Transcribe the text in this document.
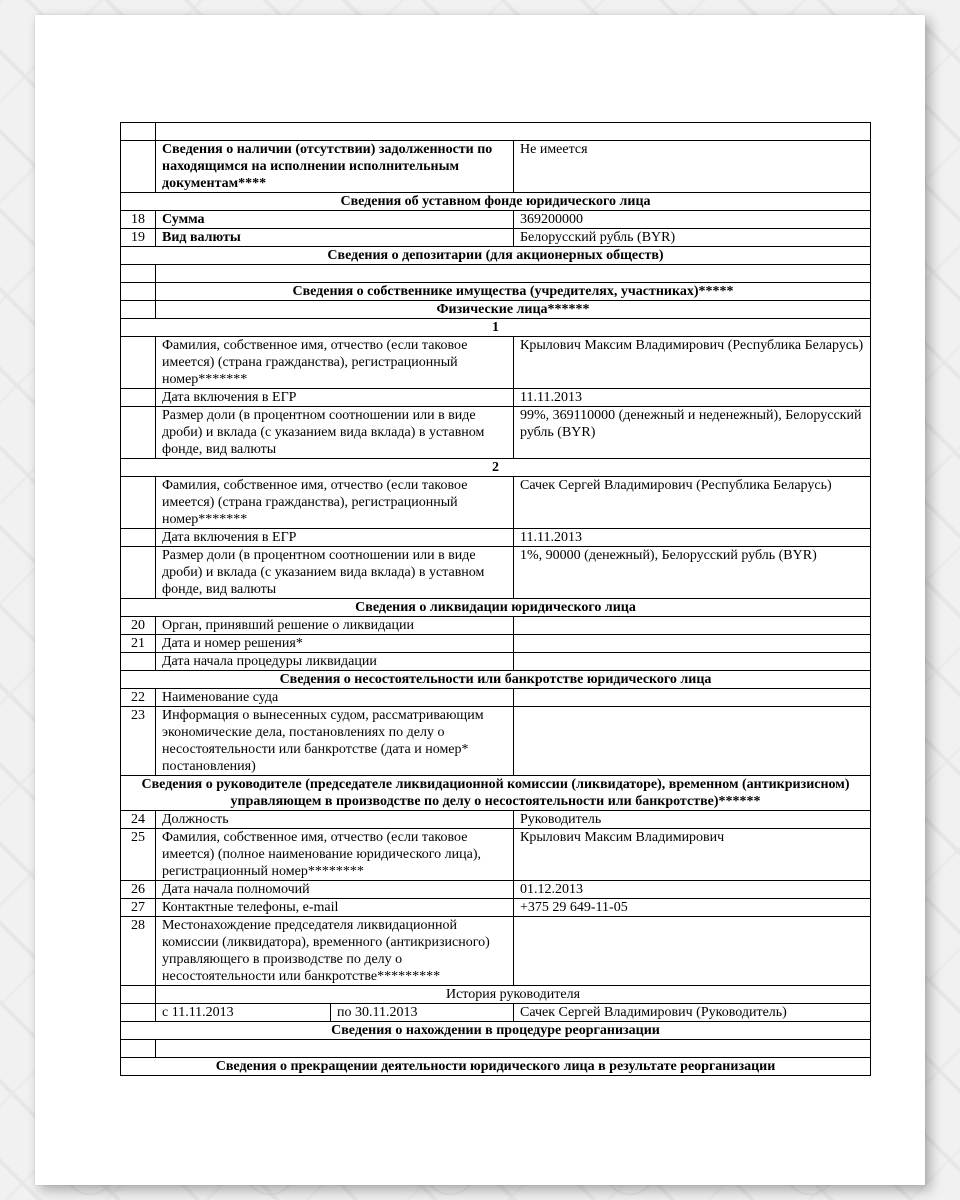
	Сведения о наличии (отсутствии) задолженности по находящимся на исполнении исполнительным документам****		Не имеется
Сведения об уставном фонде юридического лица			
18	Сумма		369200000
19	Вид валюты		Белорусский рубль (BYR)
Сведения о депозитарии (для акционерных обществ)			

	Сведения о собственнике имущества (учредителях, участниках)*****		
	Физические лица******		
1			
	Фамилия, собственное имя, отчество (если таковое имеется) (страна гражданства), регистрационный номер*******		Крылович Максим Владимирович (Республика Беларусь)
	Дата включения в ЕГР		11.11.2013
	Размер доли (в процентном соотношении или в виде дроби) и вклада (с указанием вида вклада) в уставном фонде, вид валюты		99%, 369110000 (денежный и неденежный), Белорусский рубль (BYR)
2			
	Фамилия, собственное имя, отчество (если таковое имеется) (страна гражданства), регистрационный номер*******		Сачек Сергей Владимирович (Республика Беларусь)
	Дата включения в ЕГР		11.11.2013
	Размер доли (в процентном соотношении или в виде дроби) и вклада (с указанием вида вклада) в уставном фонде, вид валюты		1%, 90000 (денежный), Белорусский рубль (BYR)
Сведения о ликвидации юридического лица			
20	Орган, принявший решение о ликвидации		
21	Дата и номер решения*		
	Дата начала процедуры ликвидации		
Сведения о несостоятельности или банкротстве юридического лица			
22	Наименование суда		
23	Информация о вынесенных судом, рассматривающим экономические дела, постановлениях по делу о несостоятельности или банкротстве (дата и номер* постановления)		
Сведения о руководителе (председателе ликвидационной комиссии (ликвидаторе), временном (антикризисном) управляющем в производстве по делу о несостоятельности или банкротстве)******			
24	Должность		Руководитель
25	Фамилия, собственное имя, отчество (если таковое имеется) (полное наименование юридического лица), регистрационный номер********		Крылович Максим Владимирович
26	Дата начала полномочий		01.12.2013
27	Контактные телефоны, e-mail		+375 29 649-11-05
28	Местонахождение председателя ликвидационной комиссии (ликвидатора), временного (антикризисного) управляющего в производстве по делу о несостоятельности или банкротстве*********		
	История руководителя		
	с 11.11.2013	по 30.11.2013	Сачек Сергей Владимирович (Руководитель)
Сведения о нахождении в процедуре реорганизации			

Сведения о прекращении деятельности юридического лица в результате реорганизации			
